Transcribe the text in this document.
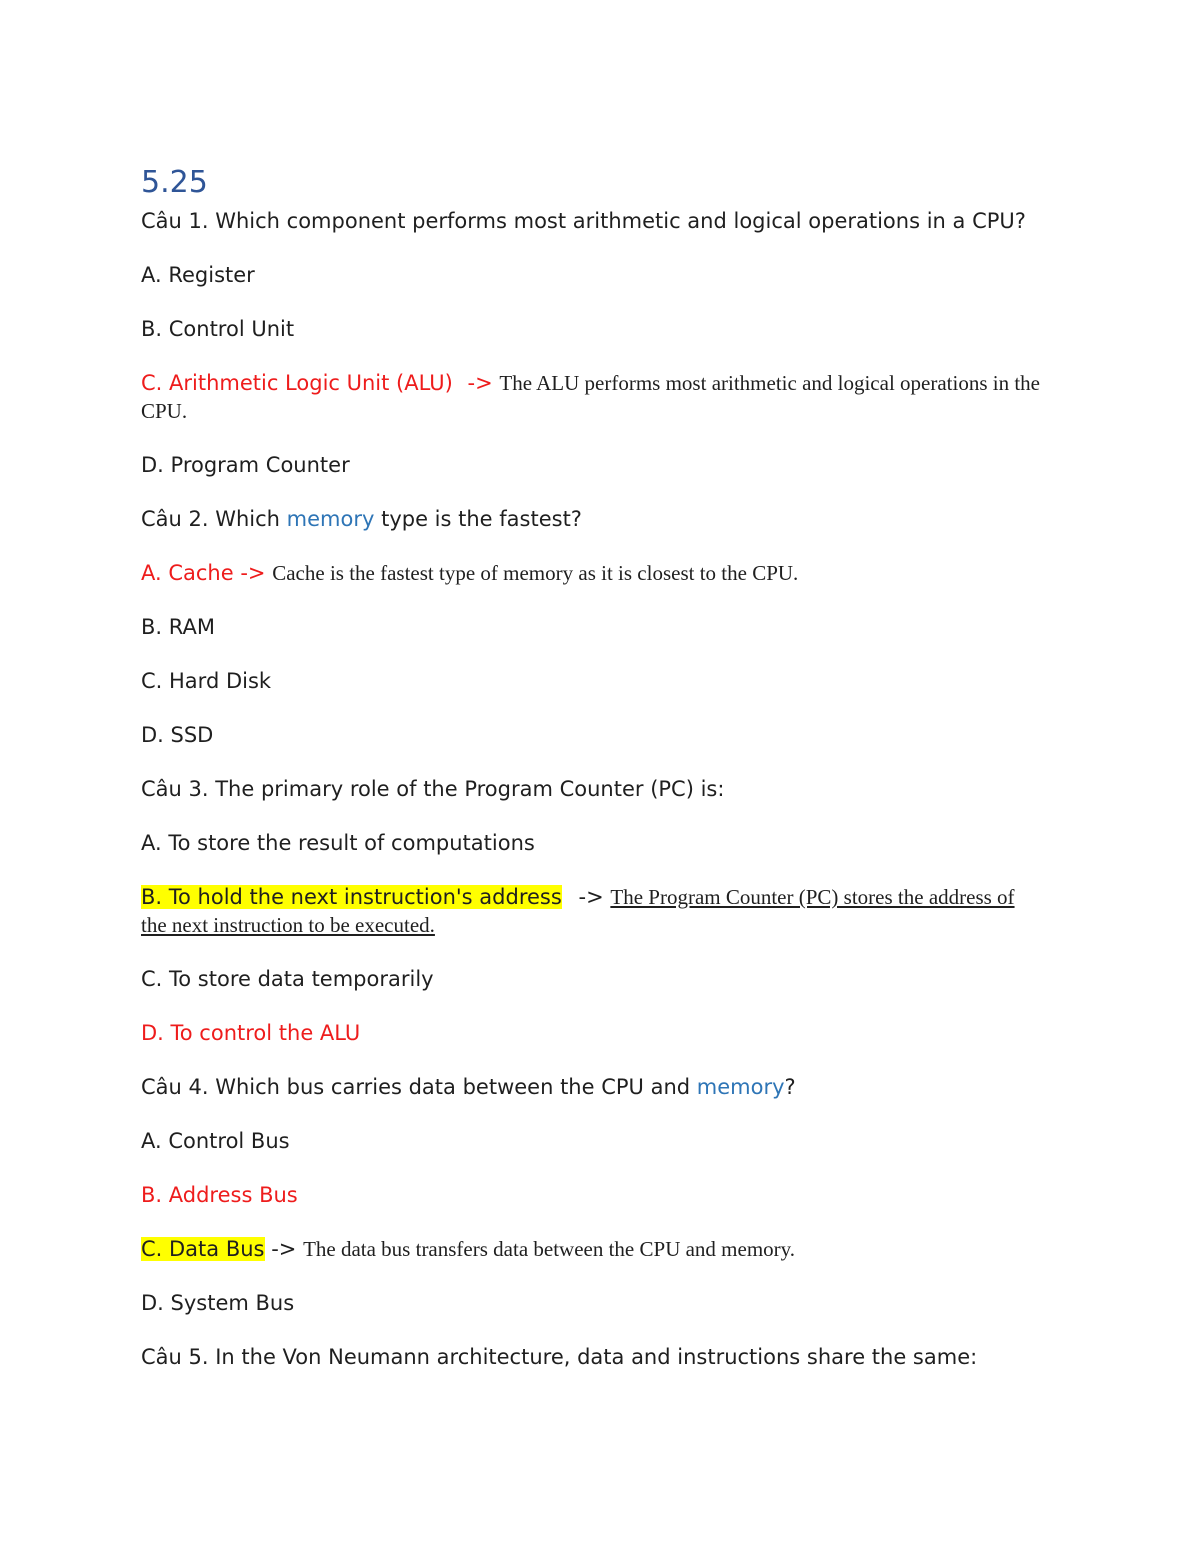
5.25
Câu 1. Which component performs most arithmetic and logical operations in a CPU?
A. Register
B. Control Unit
C. Arithmetic Logic Unit (ALU) -> The ALU performs most arithmetic and logical operations in the CPU.
D. Program Counter
Câu 2. Which memory type is the fastest?
A. Cache -> Cache is the fastest type of memory as it is closest to the CPU.
B. RAM
C. Hard Disk
D. SSD
Câu 3. The primary role of the Program Counter (PC) is:
A. To store the result of computations
B. To hold the next instruction's address -> The Program Counter (PC) stores the address of the next instruction to be executed.
C. To store data temporarily
D. To control the ALU
Câu 4. Which bus carries data between the CPU and memory?
A. Control Bus
B. Address Bus
C. Data Bus -> The data bus transfers data between the CPU and memory.
D. System Bus
Câu 5. In the Von Neumann architecture, data and instructions share the same:
